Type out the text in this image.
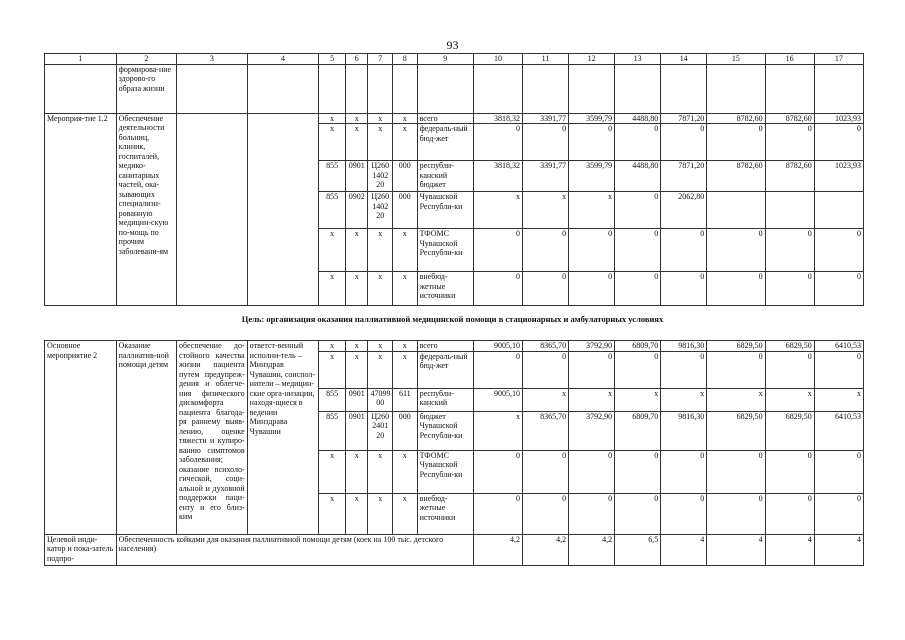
93
1	2	3	4	5	6	7	8	9	10	11	12	13	14	15	16	17
	формирова-ние здорово-го образа жизни															
Мероприя-тие 1.2	Обеспечение деятельности больниц, клиник, госпиталей, медико-санитарных частей, ока-зывающих специализи-рованную медицин-скую по-мощь по прочим заболевани-ям			x	x	x	x	всего	3818,32	3391,77	3599,79	4488,80	7871,20	8782,60	8782,60	1023,93
				x	x	x	x	федераль-ный бюд-жет	0	0	0	0	0	0	0	0
				855	0901	Ц260 1402 20	000	республи-канский бюджет	3818,32	3391,77	3599,79	4488,80	7871,20	8782,60	8782,60	1023,93
				855	0902	Ц260 1402 20	000	Чувашской Республи-ки	x	x	x	0	2062,80			
				x	x	x	x	ТФОМС Чувашской Республи-ки	0	0	0	0	0	0	0	0
				x	x	x	x	внебюд-жетные источники	0	0	0	0	0	0	0	0
Цель: организация оказания паллиативной медицинской помощи в стационарных и амбулаторных условиях
Основное мероприятие 2	Оказание паллиатив-ной помощи детям	обеспечение до-стойного качества жизни пациента путем предупреж-дения и облегче-ния физического дискомфорта пациента благода-ря раннему выяв-лению, оценке тяжести и купиро-ванию симптомов заболевания; оказание психоло-гической, соци-альной и духовной поддержки паци-енту и его близ-ким	ответст-венный исполни-тель – Минздрав Чувашии, соиспол-нители – медицин-ские орга-низации, находя-щиеся в ведении Минздрава Чувашии	x	x	x	x	всего	9005,10	8365,70	3792,90	6809,70	9816,30	6829,50	6829,50	6410,53
				x	x	x	x	федераль-ный бюд-жет	0	0	0	0	0	0	0	0
				855	0901	47099 00	611	республи-канский	9005,10	x	x	x	x	x	x	x
				855	0901	Ц260 2401 20	000	бюджет Чувашской Республи-ки	x	8365,70	3792,90	6809,70	9816,30	6829,50	6829,50	6410,53
				x	x	x	x	ТФОМС Чувашской Республи-ки	0	0	0	0	0	0	0	0
				x	x	x	x	внебюд-жетные источники	0	0	0	0	0	0	0	0
Целевой инди-катор и пока-затель подпро-	Обеспеченность койками для оказания паллиативной помощи детям (коек на 100 тыс. детского населения)								4,2	4,2	4,2	6,5	4	4	4	4
